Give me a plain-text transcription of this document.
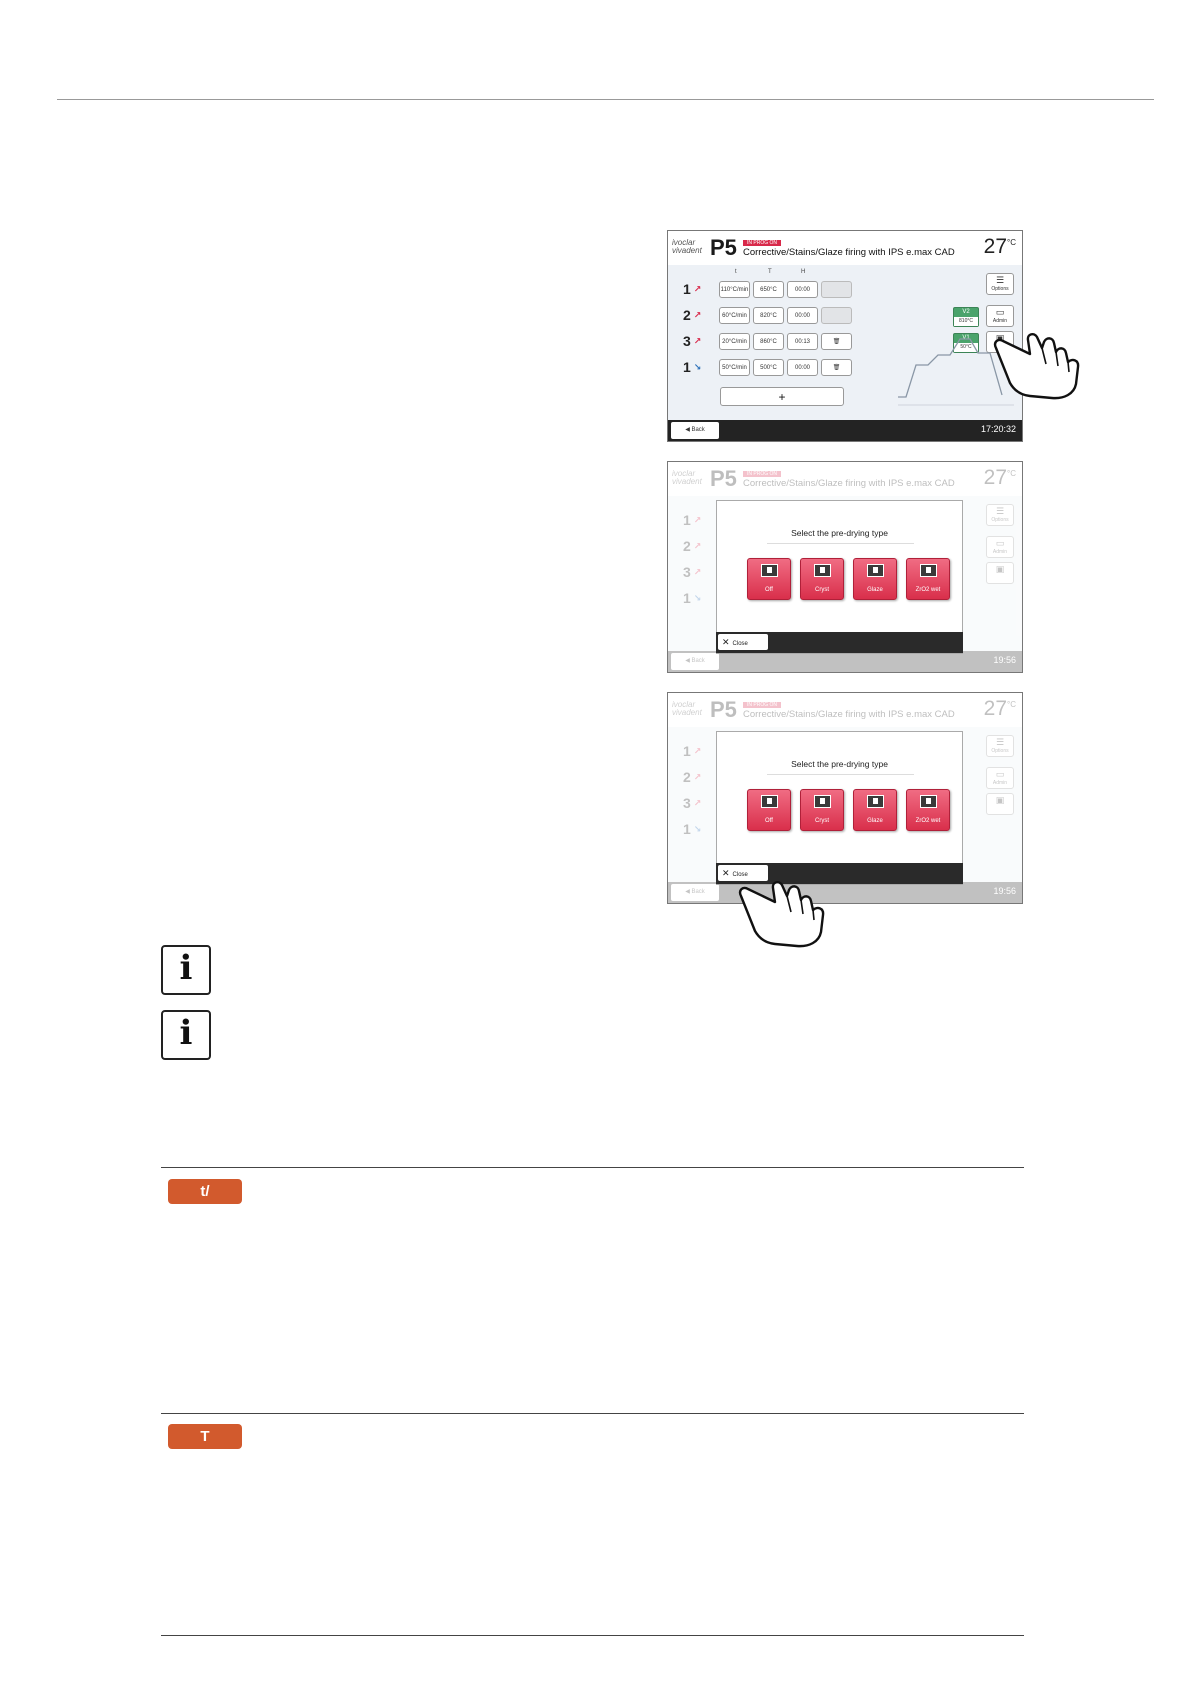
ivoclar vivadent P5	IN PROG ON
Corrective/Stains/Glaze firing with IPS e.max CAD $27^{^\circ C}$
t	T	H
1 ↗	110°C/min	650°C	00:00
2 ↗	60°C/min	820°C	00:00
3 ↗	20°C/min	860°C	00:13	🗑
1 ↘	50°C/min	500°C	00:00	🗑
+
☰
Options
V2
810°C
▭
Admin
V1
50°C
▣
◀ Back	17:20:32
ivoclar vivadent P5	IN PROG ON
Corrective/Stains/Glaze firing with IPS e.max CAD $27^{^\circ C}$
1 ↗
2 ↗
3 ↗
1 ↘
☰
Options
▭
Admin
▣
◀ Back	19:56
Select the pre-drying type
Off	Cryst	Glaze	ZrO2 wet
✕ Close
ivoclar vivadent P5	IN PROG ON
Corrective/Stains/Glaze firing with IPS e.max CAD $27^{^\circ C}$
1 ↗
2 ↗
3 ↗
1 ↘
☰
Options
▭
Admin
▣
◀ Back	19:56
Select the pre-drying type
Off	Cryst	Glaze	ZrO2 wet
✕ Close
i
i
t/
T
